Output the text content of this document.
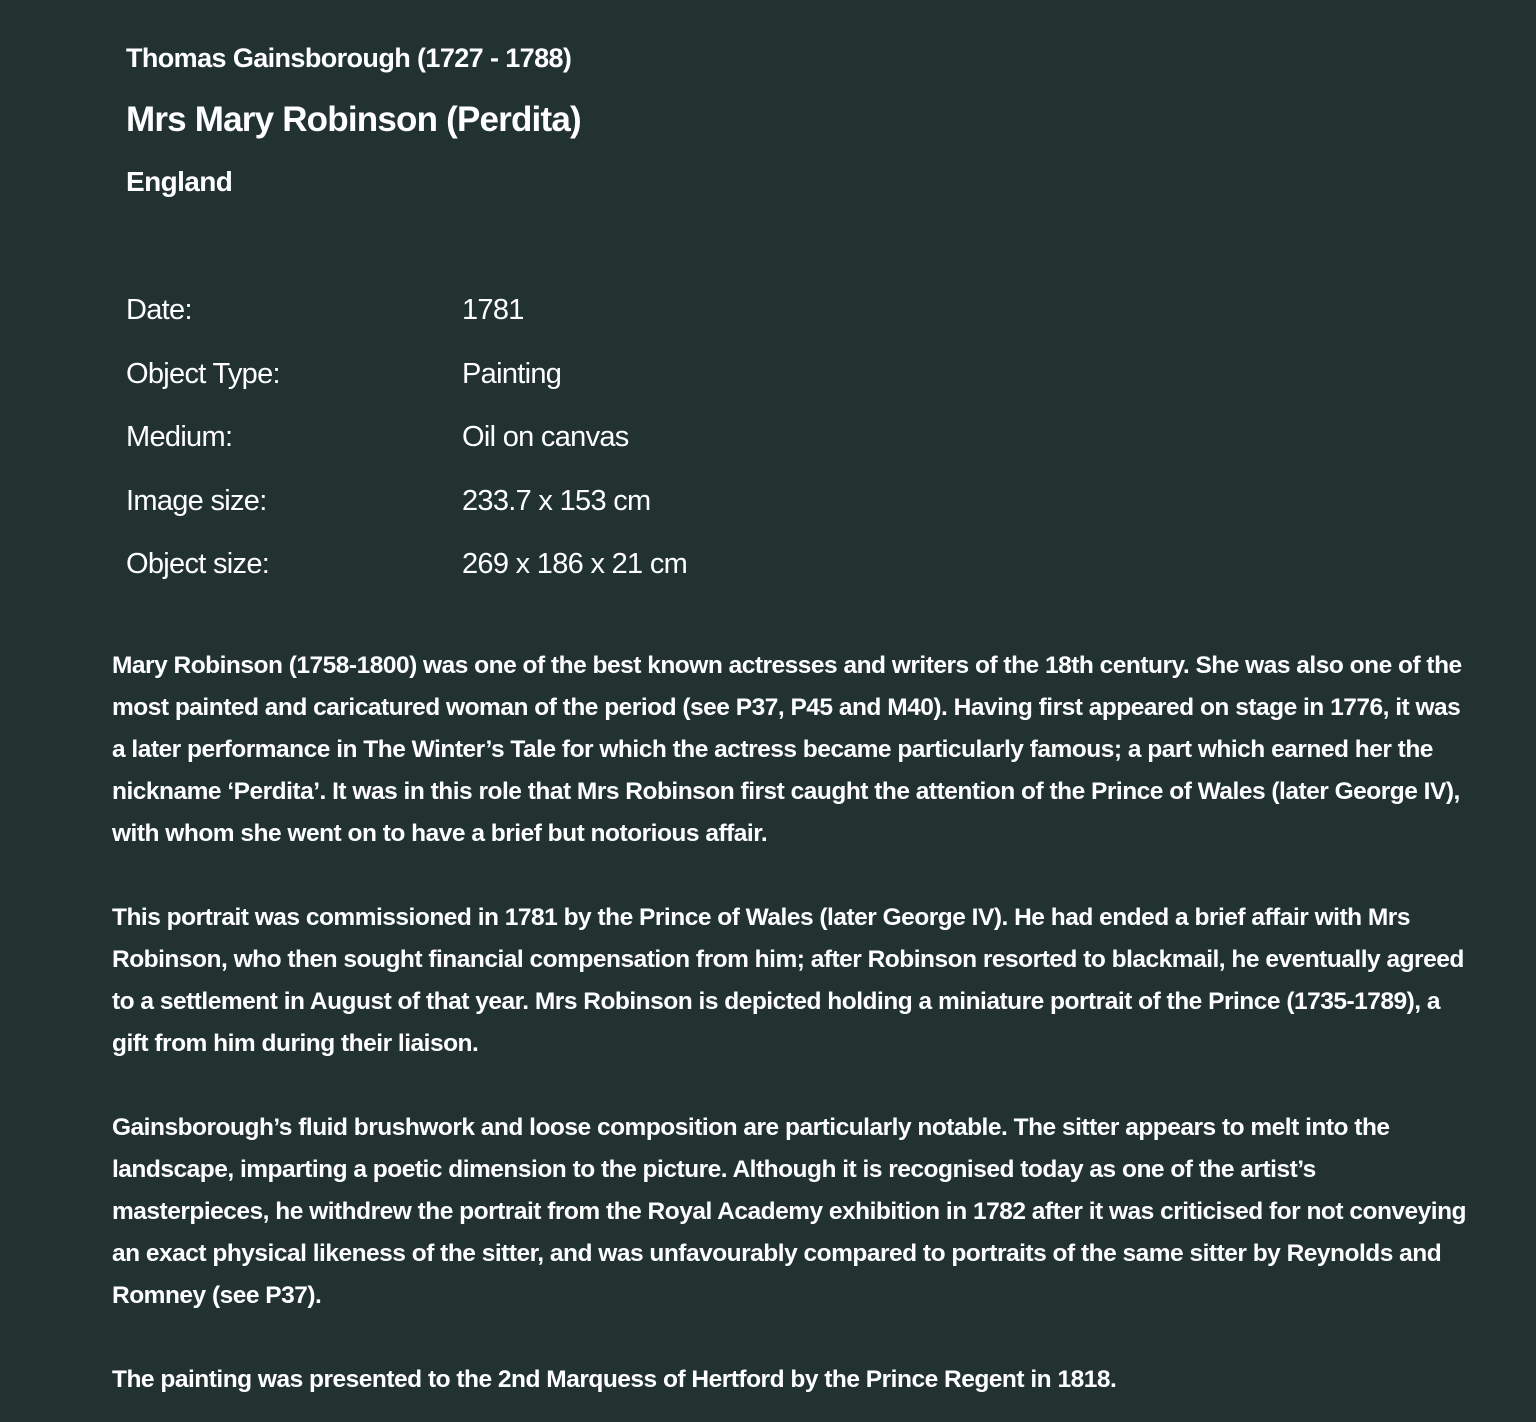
Thomas Gainsborough (1727 - 1788)
Mrs Mary Robinson (Perdita)
England
Date:	1781
Object Type:	Painting
Medium:	Oil on canvas
Image size:	233.7 x 153 cm
Object size:	269 x 186 x 21 cm

Mary Robinson (1758-1800) was one of the best known actresses and writers of the 18th century. She was also one of the most painted and caricatured woman of the period (see P37, P45 and M40). Having first appeared on stage in 1776, it was a later performance in The Winter’s Tale for which the actress became particularly famous; a part which earned her the nickname ‘Perdita’. It was in this role that Mrs Robinson first caught the attention of the Prince of Wales (later George IV), with whom she went on to have a brief but notorious affair.

This portrait was commissioned in 1781 by the Prince of Wales (later George IV). He had ended a brief affair with Mrs Robinson, who then sought financial compensation from him; after Robinson resorted to blackmail, he eventually agreed to a settlement in August of that year. Mrs Robinson is depicted holding a miniature portrait of the Prince (1735-1789), a gift from him during their liaison.

Gainsborough’s fluid brushwork and loose composition are particularly notable. The sitter appears to melt into the landscape, imparting a poetic dimension to the picture. Although it is recognised today as one of the artist’s masterpieces, he withdrew the portrait from the Royal Academy exhibition in 1782 after it was criticised for not conveying an exact physical likeness of the sitter, and was unfavourably compared to portraits of the same sitter by Reynolds and Romney (see P37).

The painting was presented to the 2nd Marquess of Hertford by the Prince Regent in 1818.
